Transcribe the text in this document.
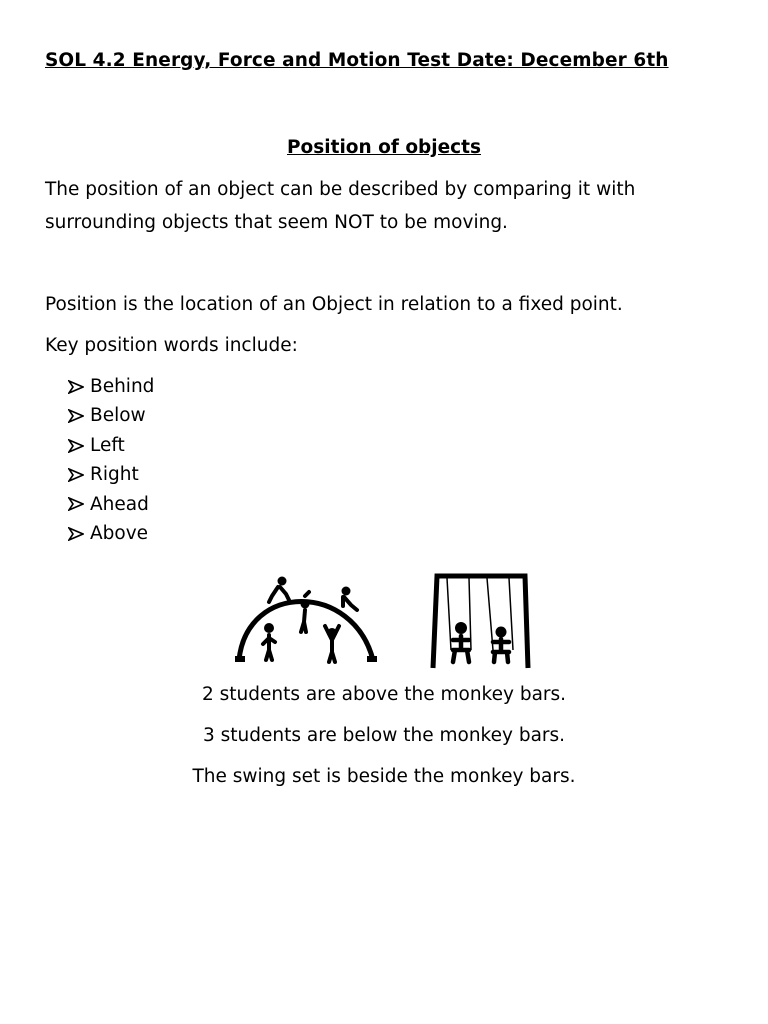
SOL 4.2 Energy, Force and Motion Test Date: December 6th
Position of objects
The position of an object can be described by comparing it with surrounding objects that seem NOT to be moving.
Position is the location of an Object in relation to a fixed point.
Key position words include:
Behind
Below
Left
Right
Ahead
Above
2 students are above the monkey bars.
3 students are below the monkey bars.
The swing set is beside the monkey bars.
